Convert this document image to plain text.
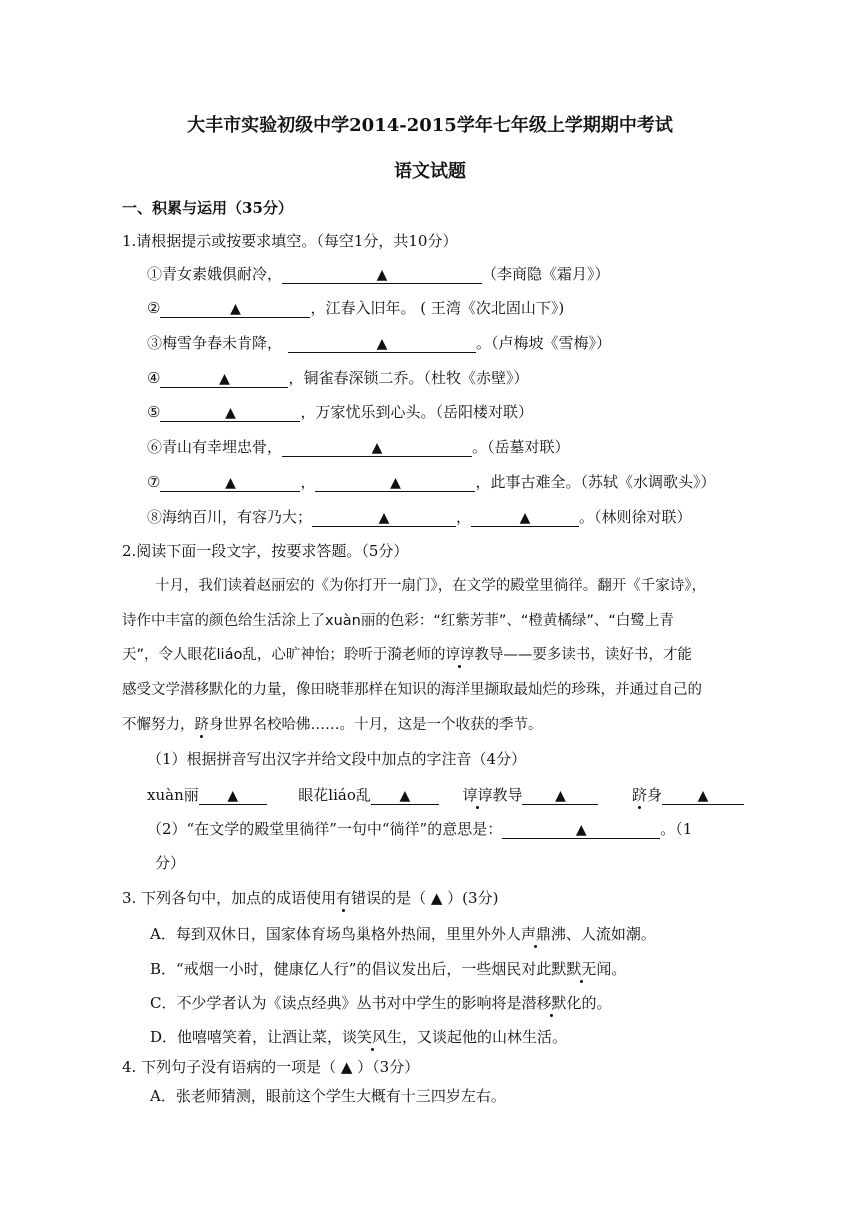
大丰市实验初级中学2014-2015学年七年级上学期期中考试
语文试题
一、积累与运用（35分）
1.请根据提示或按要求填空。（每空1分，共10分）
①青女素娥俱耐冷，	▲	（李商隐《霜月》）
②	▲	，江春入旧年。 ( 王湾《次北固山下》)
③梅雪争春未肯降，	▲	。（卢梅坡《雪梅》）
④	▲	，铜雀春深锁二乔。（杜牧《赤壁》）
⑤	▲	，万家忧乐到心头。（岳阳楼对联）
⑥青山有幸埋忠骨，	▲	。（岳墓对联）
⑦	▲	，	▲	，此事古难全。（苏轼《水调歌头》）
⑧海纳百川，有容乃大；	▲	，	▲	。（林则徐对联）
2.阅读下面一段文字，按要求答题。（5分）
十月，我们读着赵丽宏的《为你打开一扇门》，在文学的殿堂里徜徉。翻开《千家诗》，
诗作中丰富的颜色给生活涂上了xuàn丽的色彩：“红紫芳菲”、“橙黄橘绿”、“白鹭上青
天”，令人眼花liáo乱，心旷神怡；聆听于漪老师的谆谆教导——要多读书，读好书，才能
感受文学潜移默化的力量，像田晓菲那样在知识的海洋里撷取最灿烂的珍珠，并通过自己的
不懈努力，跻身世界名校哈佛……。十月，这是一个收获的季节。
（1）根据拼音写出汉字并给文段中加点的字注音（4分）
xuàn丽 ▲	眼花liáo乱 ▲	谆谆教导 ▲	跻身	▲
（2）“在文学的殿堂里徜徉”一句中“徜徉”的意思是：	▲	。（1
分）
3. 下列各句中，加点的成语使用有错误的是（ ▲ ）(3分)
A．每到双休日，国家体育场鸟巢格外热闹，里里外外人声鼎沸、人流如潮。
B．“戒烟一小时，健康亿人行”的倡议发出后，一些烟民对此默默无闻。
C．不少学者认为《读点经典》丛书对中学生的影响将是潜移默化的。
D．他嘻嘻笑着，让酒让菜，谈笑风生，又谈起他的山林生活。
4. 下列句子没有语病的一项是（ ▲ ）（3分）
A．张老师猜测，眼前这个学生大概有十三四岁左右。
